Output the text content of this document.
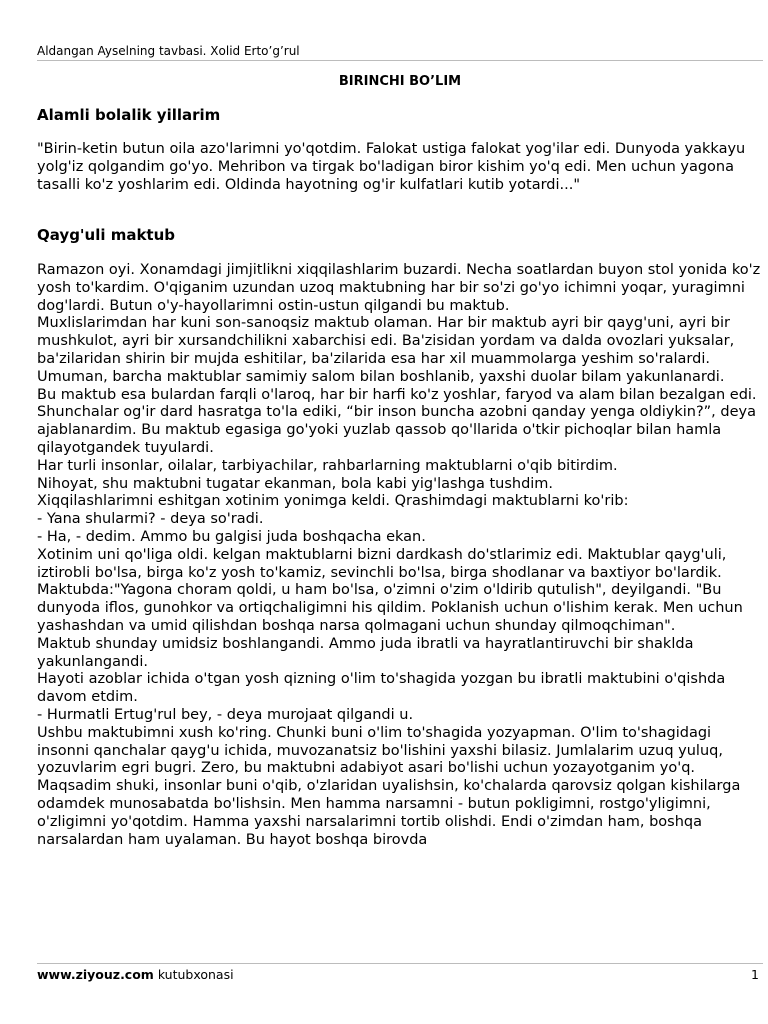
Aldangan Ayselning tavbasi. Xolid Erto’g’rul
BIRINCHI BO’LIM
Alamli bolalik yillarim
"Birin-ketin butun oila azo'larimni yo'qotdim. Falokat ustiga falokat yog'ilar edi. Dunyoda yakkayu yolg'iz qolgandim go'yo. Mehribon va tirgak bo'ladigan biror kishim yo'q edi. Men uchun yagona tasalli ko'z yoshlarim edi. Oldinda hayotning og'ir kulfatlari kutib yotardi..."
Qayg'uli maktub

Ramazon oyi. Xonamdagi jimjitlikni xiqqilashlarim buzardi. Necha soatlardan buyon stol yonida ko'z yosh to'kardim. O'qiganim uzundan uzoq maktubning har bir so'zi go'yo ichimni yoqar, yuragimni dog'lardi. Butun o'y-hayollarimni ostin-ustun qilgandi bu maktub.

Muxlislarimdan har kuni son-sanoqsiz maktub olaman. Har bir maktub ayri bir qayg'uni, ayri bir mushkulot, ayri bir xursandchilikni xabarchisi edi. Ba'zisidan yordam va dalda ovozlari yuksalar, ba'zilaridan shirin bir mujda eshitilar, ba'zilarida esa har xil muammolarga yeshim so'ralardi. Umuman, barcha maktublar samimiy salom bilan boshlanib, yaxshi duolar bilam yakunlanardi.

Bu maktub esa bulardan farqli o'laroq, har bir harfi ko'z yoshlar, faryod va alam bilan bezalgan edi. Shunchalar og'ir dard hasratga to'la ediki, “bir inson buncha azobni qanday yenga oldiykin?”, deya ajablanardim. Bu maktub egasiga go'yoki yuzlab qassob qo'llarida o'tkir pichoqlar bilan hamla qilayotgandek tuyulardi.

Har turli insonlar, oilalar, tarbiyachilar, rahbarlarning maktublarni o'qib bitirdim.

Nihoyat, shu maktubni tugatar ekanman, bola kabi yig'lashga tushdim.

Xiqqilashlarimni eshitgan xotinim yonimga keldi. Qrashimdagi maktublarni ko'rib:

- Yana shularmi? - deya so'radi.

- Ha, - dedim. Ammo bu galgisi juda boshqacha ekan.

Xotinim uni qo'liga oldi. kelgan maktublarni bizni dardkash do'stlarimiz edi. Maktublar qayg'uli, iztirobli bo'lsa, birga ko'z yosh to'kamiz, sevinchli bo'lsa, birga shodlanar va baxtiyor bo'lardik.

Maktubda:"Yagona choram qoldi, u ham bo'lsa, o'zimni o'zim o'ldirib qutulish", deyilgandi. "Bu dunyoda iflos, gunohkor va ortiqchaligimni his qildim. Poklanish uchun o'lishim kerak. Men uchun yashashdan va umid qilishdan boshqa narsa qolmagani uchun shunday qilmoqchiman".

Maktub shunday umidsiz boshlangandi. Ammo juda ibratli va hayratlantiruvchi bir shaklda yakunlangandi.

Hayoti azoblar ichida o'tgan yosh qizning o'lim to'shagida yozgan bu ibratli maktubini o'qishda davom etdim.

- Hurmatli Ertug'rul bey, - deya murojaat qilgandi u.

Ushbu maktubimni xush ko'ring. Chunki buni o'lim to'shagida yozyapman. O'lim to'shagidagi insonni qanchalar qayg'u ichida, muvozanatsiz bo'lishini yaxshi bilasiz. Jumlalarim uzuq yuluq, yozuvlarim egri bugri. Zero, bu maktubni adabiyot asari bo'lishi uchun yozayotganim yo'q.

Maqsadim shuki, insonlar buni o'qib, o'zlaridan uyalishsin, ko'chalarda qarovsiz qolgan kishilarga odamdek munosabatda bo'lishsin. Men hamma narsamni - butun pokligimni, rostgo'yligimni, o'zligimni yo'qotdim. Hamma yaxshi narsalarimni tortib olishdi. Endi o'zimdan ham, boshqa narsalardan ham uyalaman. Bu hayot boshqa birovda

www.ziyouz.com kutubxonasi	1
